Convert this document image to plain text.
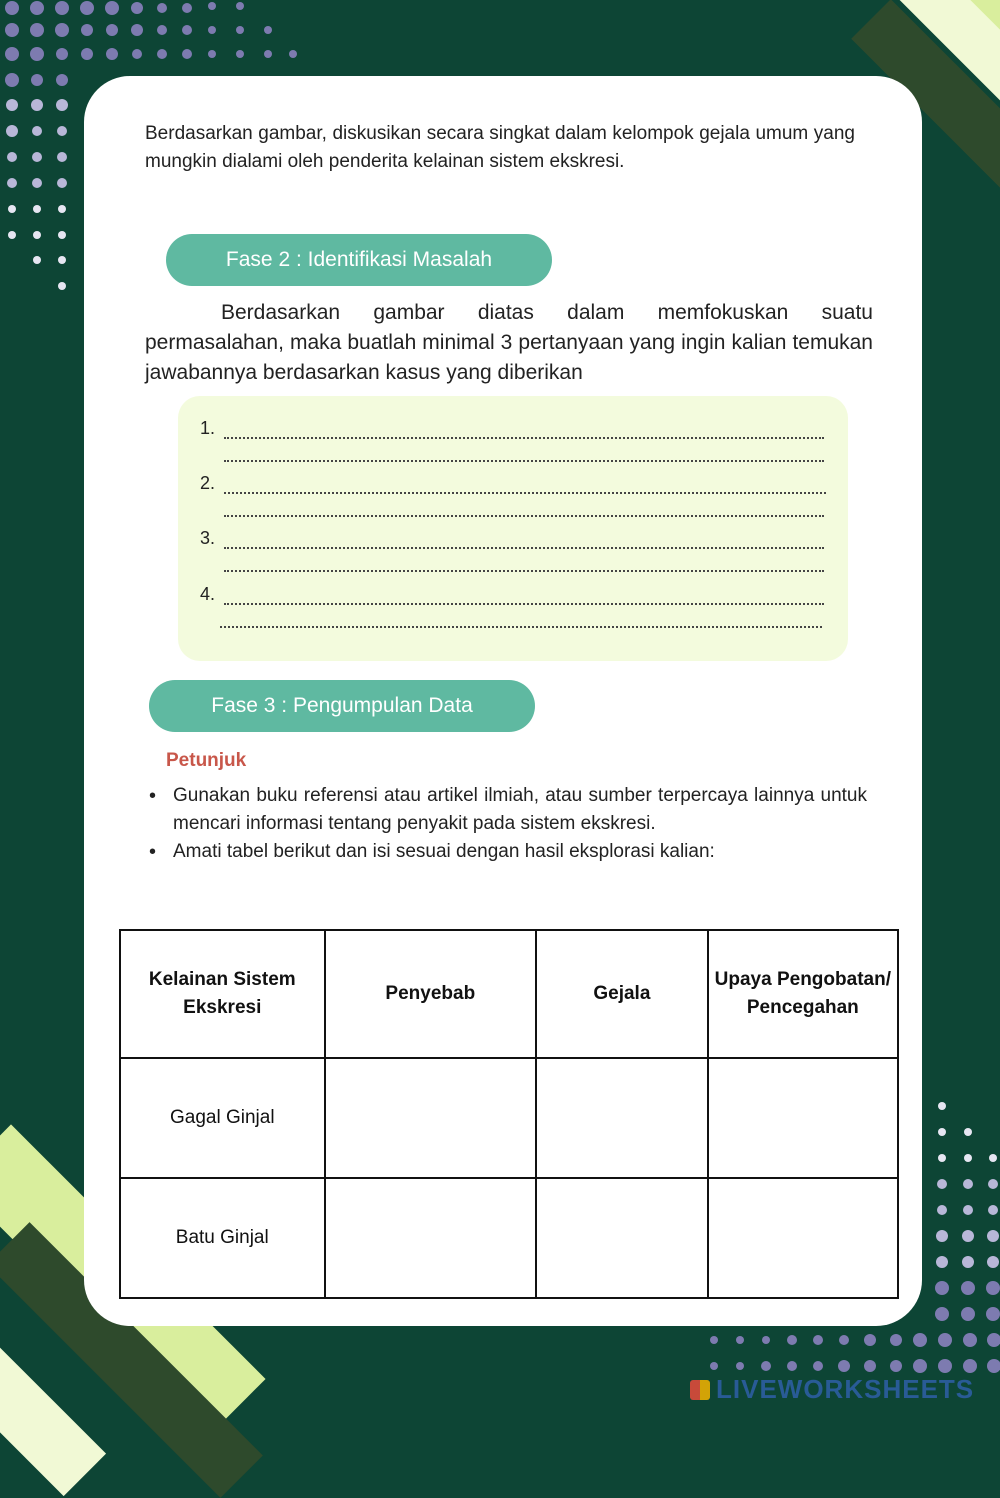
Berdasarkan gambar, diskusikan secara singkat dalam kelompok gejala umum yang mungkin dialami oleh penderita kelainan sistem ekskresi.
Fase 2 : Identifikasi Masalah
Berdasarkan gambar diatas dalam memfokuskan suatu permasalahan, maka buatlah minimal 3 pertanyaan yang ingin kalian temukan jawabannya berdasarkan kasus yang diberikan
1.
2.
3.
4.
Fase 3 : Pengumpulan Data
Petunjuk
• Gunakan buku referensi atau artikel ilmiah, atau sumber terpercaya lainnya untuk mencari informasi tentang penyakit pada sistem ekskresi.
• Amati tabel berikut dan isi sesuai dengan hasil eksplorasi kalian:
Kelainan Sistem Ekskresi	Penyebab	Gejala	Upaya Pengobatan/Pencegahan
Gagal Ginjal			
Batu Ginjal			
LIVEWORKSHEETS
